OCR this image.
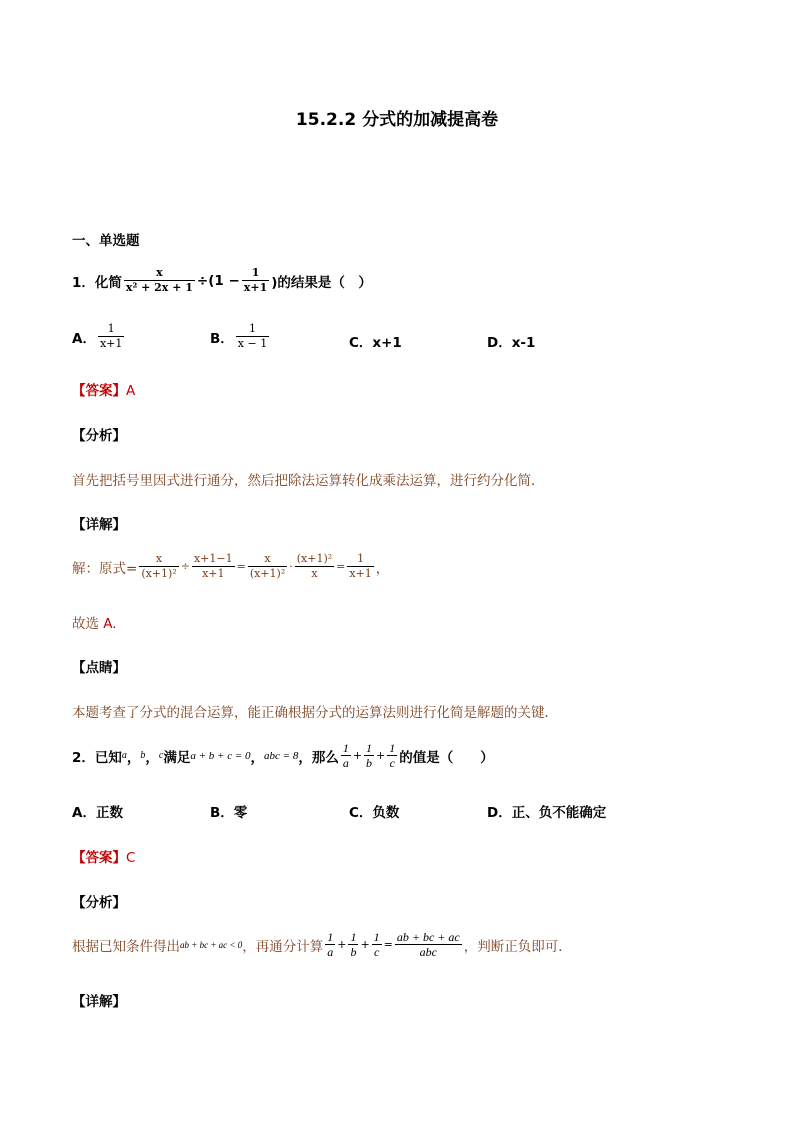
15.2.2 分式的加减提高卷
一、单选题
1．化简 $\frac{x}{\text{x² + 2x + 1}} \div(1 - \frac{1}{x+1}$ )的结果是（　）
A． $\frac{1}{x+1}$	B． $\frac{1}{x - 1}$	C．x+1	D．x-1
【答案】A
【分析】
首先把括号里因式进行通分，然后把除法运算转化成乘法运算，进行约分化简．
【详解】
解：原式= $\frac{x}{\text{(x+1)²}} \div \frac{x+1-1}{x+1} = \frac{x}{\text{(x+1)²}} \cdot \frac{\text{(x+1)²}}{x} = \frac{1}{x+1}$ ，
故选 A.
【点睛】
本题考查了分式的混合运算，能正确根据分式的运算法则进行化简是解题的关键．
2．已知 a ， b ， c 满足 a + b + c = 0 ， abc = 8 ，那么 $\frac{1}{a} + \frac{1}{b} + \frac{1}{c}$ 的值是（　　）
A．正数	B．零	C．负数	D．正、负不能确定
【答案】C
【分析】
根据已知条件得出 ab + bc + ac < 0 ，再通分计算 $\frac{1}{a} + \frac{1}{b} + \frac{1}{c} = \frac{ab + bc + ac}{\text{abc}}$ ，判断正负即可．
【详解】
